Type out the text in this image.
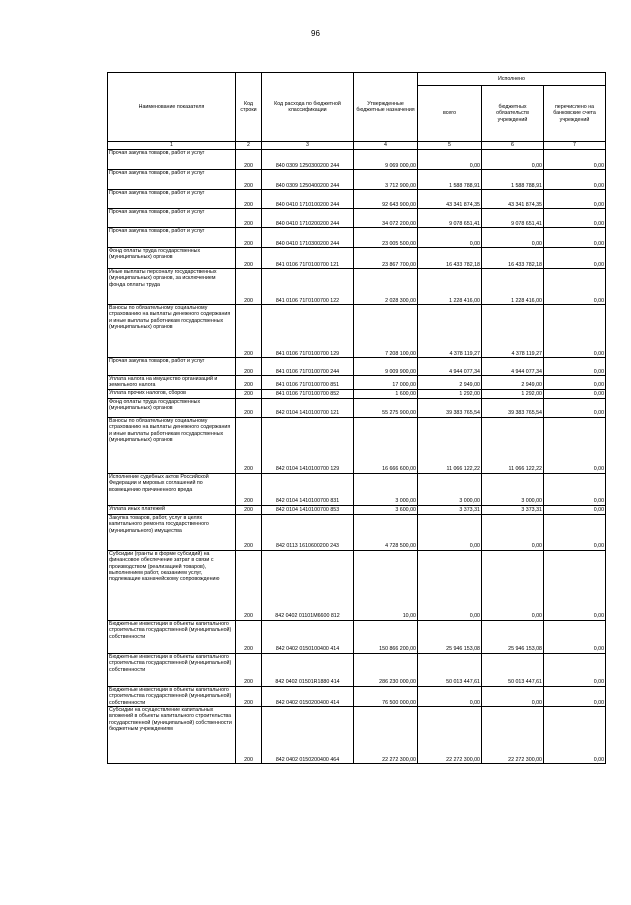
96
Наименование показателя	Код строки	Код расхода по бюджетной классификации	Утвержденные бюджетные назначения	Исполнено		
				всего	бюджетных обязательств учреждений	перечислено на банковские счета учреждений
1	2	3	4	5	6	7
Прочая закупка товаров, работ и услуг	200	840 0309 1250300200 244	9 069 000,00	0,00	0,00	0,00
Прочая закупка товаров, работ и услуг	200	840 0309 1250400200 244	3 712 900,00	1 588 788,91	1 588 788,91	0,00
Прочая закупка товаров, работ и услуг	200	840 0410 1710100200 244	92 643 900,00	43 341 874,35	43 341 874,35	0,00
Прочая закупка товаров, работ и услуг	200	840 0410 1710200200 244	34 072 200,00	9 078 651,41	9 078 651,41	0,00
Прочая закупка товаров, работ и услуг	200	840 0410 1710300200 244	23 005 500,00	0,00	0,00	0,00
Фонд оплаты труда государственных (муниципальных) органов	200	841 0106 71Г0100700 121	23 867 700,00	16 433 782,18	16 433 782,18	0,00
Иные выплаты персоналу государственных (муниципальных) органов, за исключением фонда оплаты труда	200	841 0106 71Г0100700 122	2 028 300,00	1 228 416,00	1 228 416,00	0,00
Взносы по обязательному социальному страхованию на выплаты денежного содержания и иные выплаты работникам государственных (муниципальных) органов	200	841 0106 71Г0100700 129	7 208 100,00	4 378 119,27	4 378 119,27	0,00
Прочая закупка товаров, работ и услуг	200	841 0106 71Г0100700 244	9 009 900,00	4 944 077,34	4 944 077,34	0,00
Уплата налога на имущество организаций и земельного налога	200	841 0106 71Г0100700 851	17 000,00	2 949,00	2 949,00	0,00
Уплата прочих налогов, сборов	200	841 0106 71Г0100700 852	1 600,00	1 292,00	1 292,00	0,00
Фонд оплаты труда государственных (муниципальных) органов	200	842 0104 1410100700 121	55 275 900,00	39 383 765,54	39 383 765,54	0,00
Взносы по обязательному социальному страхованию на выплаты денежного содержания и иные выплаты работникам государственных (муниципальных) органов	200	842 0104 1410100700 129	16 666 600,00	11 066 122,22	11 066 122,22	0,00
Исполнение судебных актов Российской Федерации и мировых соглашений по возмещению причиненного вреда	200	842 0104 1410100700 831	3 000,00	3 000,00	3 000,00	0,00
Уплата иных платежей	200	842 0104 1410100700 853	3 600,00	3 373,31	3 373,31	0,00
Закупка товаров, работ, услуг в целях капитального ремонта государственного (муниципального) имущества	200	842 0113 1610600200 243	4 728 500,00	0,00	0,00	0,00
Субсидии (гранты в форме субсидий) на финансовое обеспечение затрат в связи с производством (реализацией товаров), выполнением работ, оказанием услуг, подлежащие казначейскому сопровождению	200	842 0402 01101М6600 812	10,00	0,00	0,00	0,00
Бюджетные инвестиции в объекты капитального строительства государственной (муниципальной) собственности	200	842 0402 0150100400 414	150 866 200,00	25 946 153,08	25 946 153,08	0,00
Бюджетные инвестиции в объекты капитального строительства государственной (муниципальной) собственности	200	842 0402 01501R1880 414	286 230 000,00	50 013 447,61	50 013 447,61	0,00
Бюджетные инвестиции в объекты капитального строительства государственной (муниципальной) собственности	200	842 0402 0150200400 414	76 500 000,00	0,00	0,00	0,00
Субсидии на осуществление капитальных вложений в объекты капитального строительства государственной (муниципальной) собственности бюджетным учреждениям	200	842 0402 0150200400 464	22 272 300,00	22 272 300,00	22 272 300,00	0,00
